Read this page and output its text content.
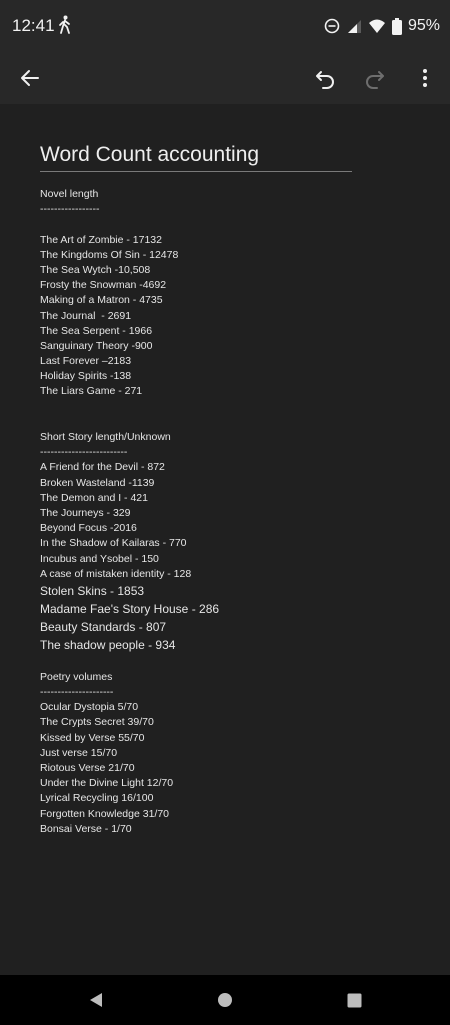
12:41	95%
Word Count accounting
Novel length
-----------------
The Art of Zombie - 17132
The Kingdoms Of Sin - 12478
The Sea Wytch -10,508
Frosty the Snowman -4692
Making of a Matron - 4735
The Journal  - 2691
The Sea Serpent - 1966
Sanguinary Theory -900
Last Forever –2183
Holiday Spirits -138
The Liars Game - 271
Short Story length/Unknown
-------------------------
A Friend for the Devil - 872
Broken Wasteland -1139
The Demon and I - 421
The Journeys - 329
Beyond Focus -2016
In the Shadow of Kailaras - 770
Incubus and Ysobel - 150
A case of mistaken identity - 128
Stolen Skins - 1853
Madame Fae's Story House - 286
Beauty Standards - 807
The shadow people - 934
Poetry volumes
---------------------
Ocular Dystopia 5/70
The Crypts Secret 39/70
Kissed by Verse 55/70
Just verse 15/70
Riotous Verse 21/70
Under the Divine Light 12/70
Lyrical Recycling 16/100
Forgotten Knowledge 31/70
Bonsai Verse - 1/70
